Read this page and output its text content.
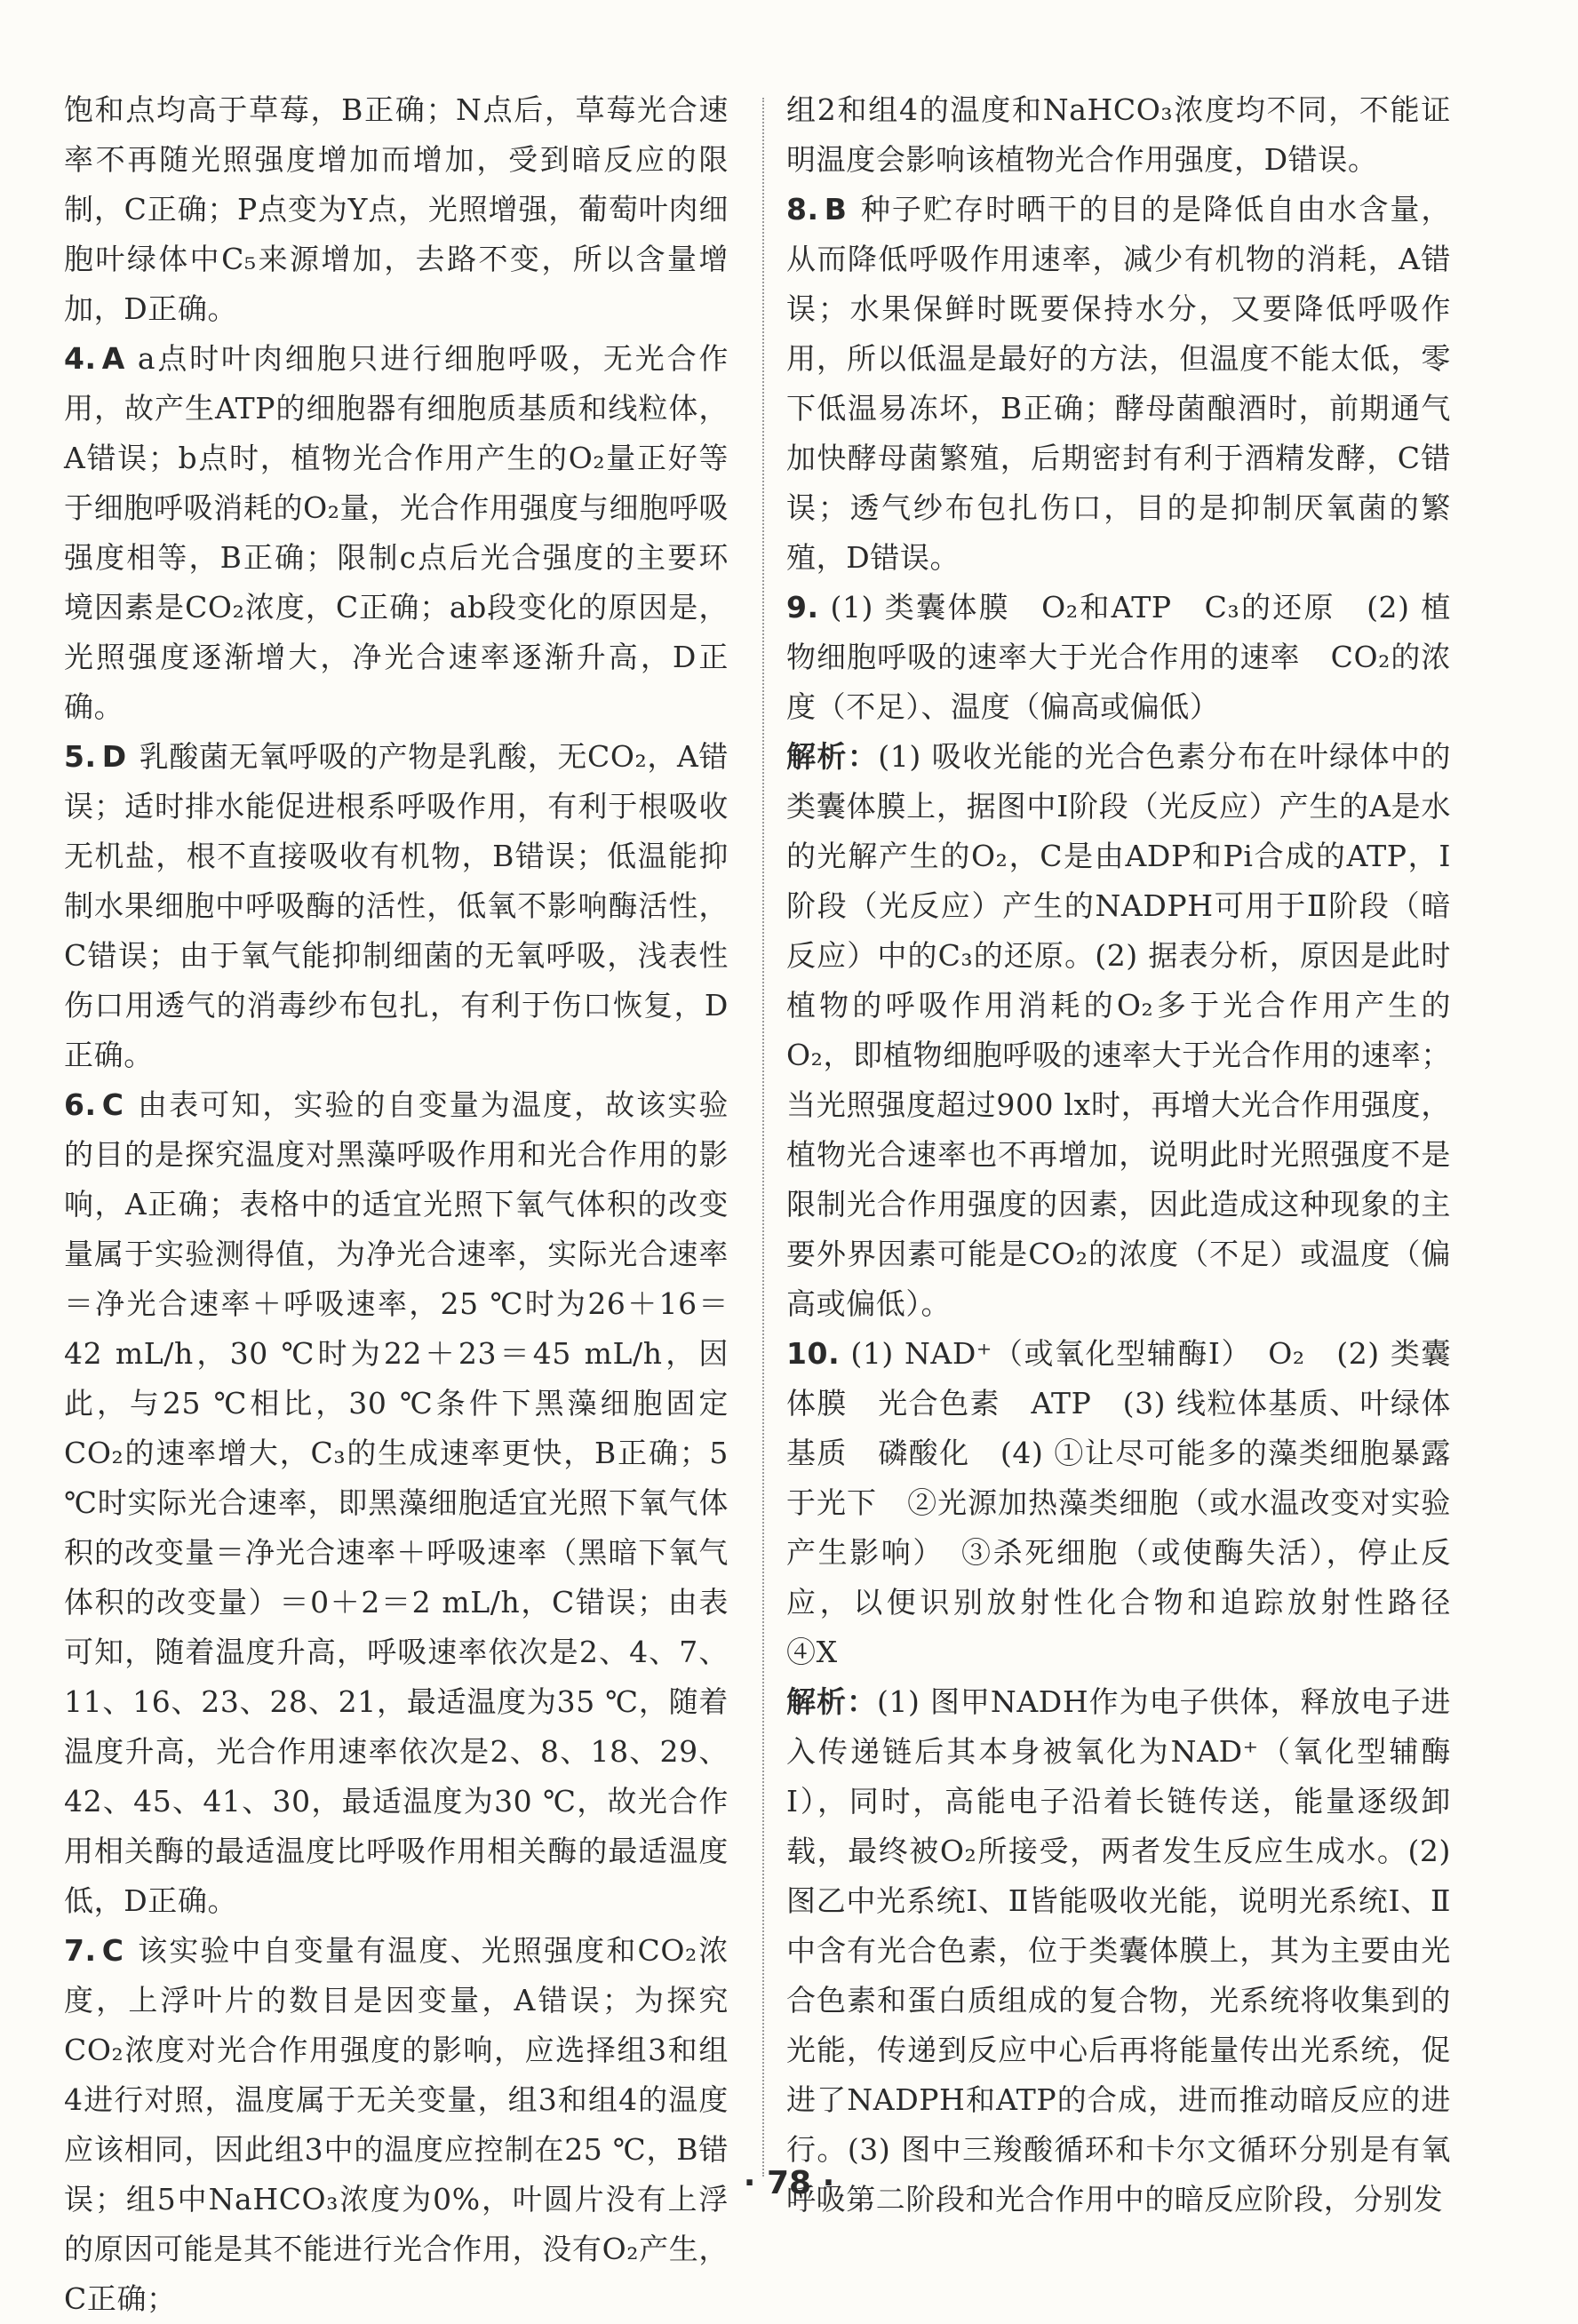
饱和点均高于草莓，B正确；N点后，草莓光合速率不再随光照强度增加而增加，受到暗反应的限制，C正确；P点变为Y点，光照增强，葡萄叶肉细胞叶绿体中C₅来源增加，去路不变，所以含量增加，D正确。

4. A a点时叶肉细胞只进行细胞呼吸，无光合作用，故产生ATP的细胞器有细胞质基质和线粒体，A错误；b点时，植物光合作用产生的O₂量正好等于细胞呼吸消耗的O₂量，光合作用强度与细胞呼吸强度相等，B正确；限制c点后光合强度的主要环境因素是CO₂浓度，C正确；ab段变化的原因是，光照强度逐渐增大，净光合速率逐渐升高，D正确。

5. D 乳酸菌无氧呼吸的产物是乳酸，无CO₂，A错误；适时排水能促进根系呼吸作用，有利于根吸收无机盐，根不直接吸收有机物，B错误；低温能抑制水果细胞中呼吸酶的活性，低氧不影响酶活性，C错误；由于氧气能抑制细菌的无氧呼吸，浅表性伤口用透气的消毒纱布包扎，有利于伤口恢复，D正确。

6. C 由表可知，实验的自变量为温度，故该实验的目的是探究温度对黑藻呼吸作用和光合作用的影响，A正确；表格中的适宜光照下氧气体积的改变量属于实验测得值，为净光合速率，实际光合速率＝净光合速率＋呼吸速率，25 ℃时为26＋16＝42 mL/h，30 ℃时为22＋23＝45 mL/h，因此，与25 ℃相比，30 ℃条件下黑藻细胞固定CO₂的速率增大，C₃的生成速率更快，B正确；5 ℃时实际光合速率，即黑藻细胞适宜光照下氧气体积的改变量＝净光合速率＋呼吸速率（黑暗下氧气体积的改变量）＝0＋2＝2 mL/h，C错误；由表可知，随着温度升高，呼吸速率依次是2、4、7、11、16、23、28、21，最适温度为35 ℃，随着温度升高，光合作用速率依次是2、8、18、29、42、45、41、30，最适温度为30 ℃，故光合作用相关酶的最适温度比呼吸作用相关酶的最适温度低，D正确。

7. C 该实验中自变量有温度、光照强度和CO₂浓度，上浮叶片的数目是因变量，A错误；为探究CO₂浓度对光合作用强度的影响，应选择组3和组4进行对照，温度属于无关变量，组3和组4的温度应该相同，因此组3中的温度应控制在25 ℃，B错误；组5中NaHCO₃浓度为0%，叶圆片没有上浮的原因可能是其不能进行光合作用，没有O₂产生，C正确；

组2和组4的温度和NaHCO₃浓度均不同，不能证明温度会影响该植物光合作用强度，D错误。

8. B 种子贮存时晒干的目的是降低自由水含量，从而降低呼吸作用速率，减少有机物的消耗，A错误；水果保鲜时既要保持水分，又要降低呼吸作用，所以低温是最好的方法，但温度不能太低，零下低温易冻坏，B正确；酵母菌酿酒时，前期通气加快酵母菌繁殖，后期密封有利于酒精发酵，C错误；透气纱布包扎伤口，目的是抑制厌氧菌的繁殖，D错误。

9. (1) 类囊体膜　O₂和ATP　C₃的还原　(2) 植物细胞呼吸的速率大于光合作用的速率　CO₂的浓度（不足）、温度（偏高或偏低）

解析：(1) 吸收光能的光合色素分布在叶绿体中的类囊体膜上，据图中Ⅰ阶段（光反应）产生的A是水的光解产生的O₂，C是由ADP和Pi合成的ATP，Ⅰ阶段（光反应）产生的NADPH可用于Ⅱ阶段（暗反应）中的C₃的还原。(2) 据表分析，原因是此时植物的呼吸作用消耗的O₂多于光合作用产生的O₂，即植物细胞呼吸的速率大于光合作用的速率；当光照强度超过900 lx时，再增大光合作用强度，植物光合速率也不再增加，说明此时光照强度不是限制光合作用强度的因素，因此造成这种现象的主要外界因素可能是CO₂的浓度（不足）或温度（偏高或偏低）。

10. (1) NAD⁺（或氧化型辅酶Ⅰ）　O₂　(2) 类囊体膜　光合色素　ATP　(3) 线粒体基质、叶绿体基质　磷酸化　(4) ①让尽可能多的藻类细胞暴露于光下　②光源加热藻类细胞（或水温改变对实验产生影响）　③杀死细胞（或使酶失活），停止反应，以便识别放射性化合物和追踪放射性路径　④X

解析：(1) 图甲NADH作为电子供体，释放电子进入传递链后其本身被氧化为NAD⁺（氧化型辅酶Ⅰ），同时，高能电子沿着长链传送，能量逐级卸载，最终被O₂所接受，两者发生反应生成水。(2) 图乙中光系统Ⅰ、Ⅱ皆能吸收光能，说明光系统Ⅰ、Ⅱ中含有光合色素，位于类囊体膜上，其为主要由光合色素和蛋白质组成的复合物，光系统将收集到的光能，传递到反应中心后再将能量传出光系统，促进了NADPH和ATP的合成，进而推动暗反应的进行。(3) 图中三羧酸循环和卡尔文循环分别是有氧呼吸第二阶段和光合作用中的暗反应阶段，分别发

· 78 ·
